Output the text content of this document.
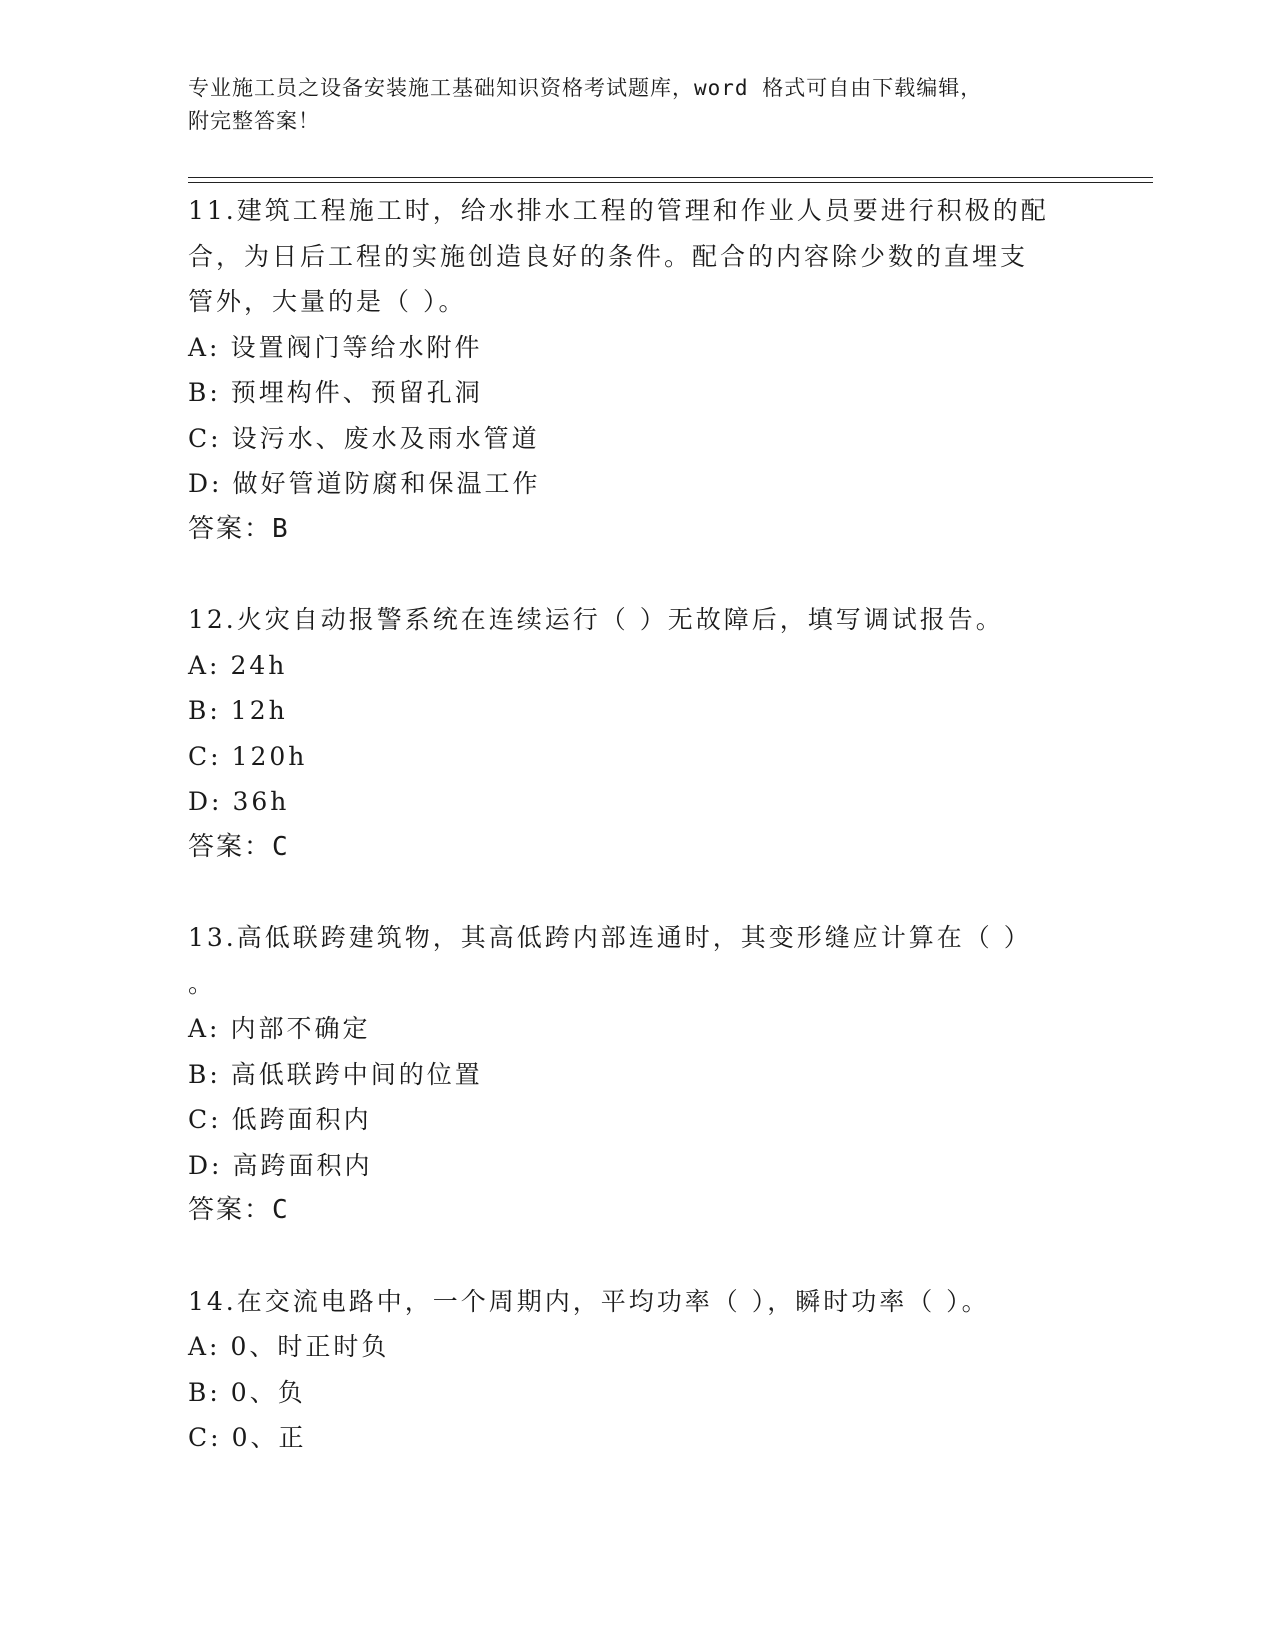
专业施工员之设备安装施工基础知识资格考试题库，word 格式可自由下载编辑，
附完整答案！
11.建筑工程施工时，给水排水工程的管理和作业人员要进行积极的配
合，为日后工程的实施创造良好的条件。配合的内容除少数的直埋支
管外，大量的是（ ）。
A: 设置阀门等给水附件
B: 预埋构件、预留孔洞
C: 设污水、废水及雨水管道
D: 做好管道防腐和保温工作
答案：B
12.火灾自动报警系统在连续运行（ ）无故障后，填写调试报告。
A: 24h
B: 12h
C: 120h
D: 36h
答案：C
13.高低联跨建筑物，其高低跨内部连通时，其变形缝应计算在（ ）
。
A: 内部不确定
B: 高低联跨中间的位置
C: 低跨面积内
D: 高跨面积内
答案：C
14.在交流电路中，一个周期内，平均功率（ ），瞬时功率（ ）。
A: 0、时正时负
B: 0、负
C: 0、正
